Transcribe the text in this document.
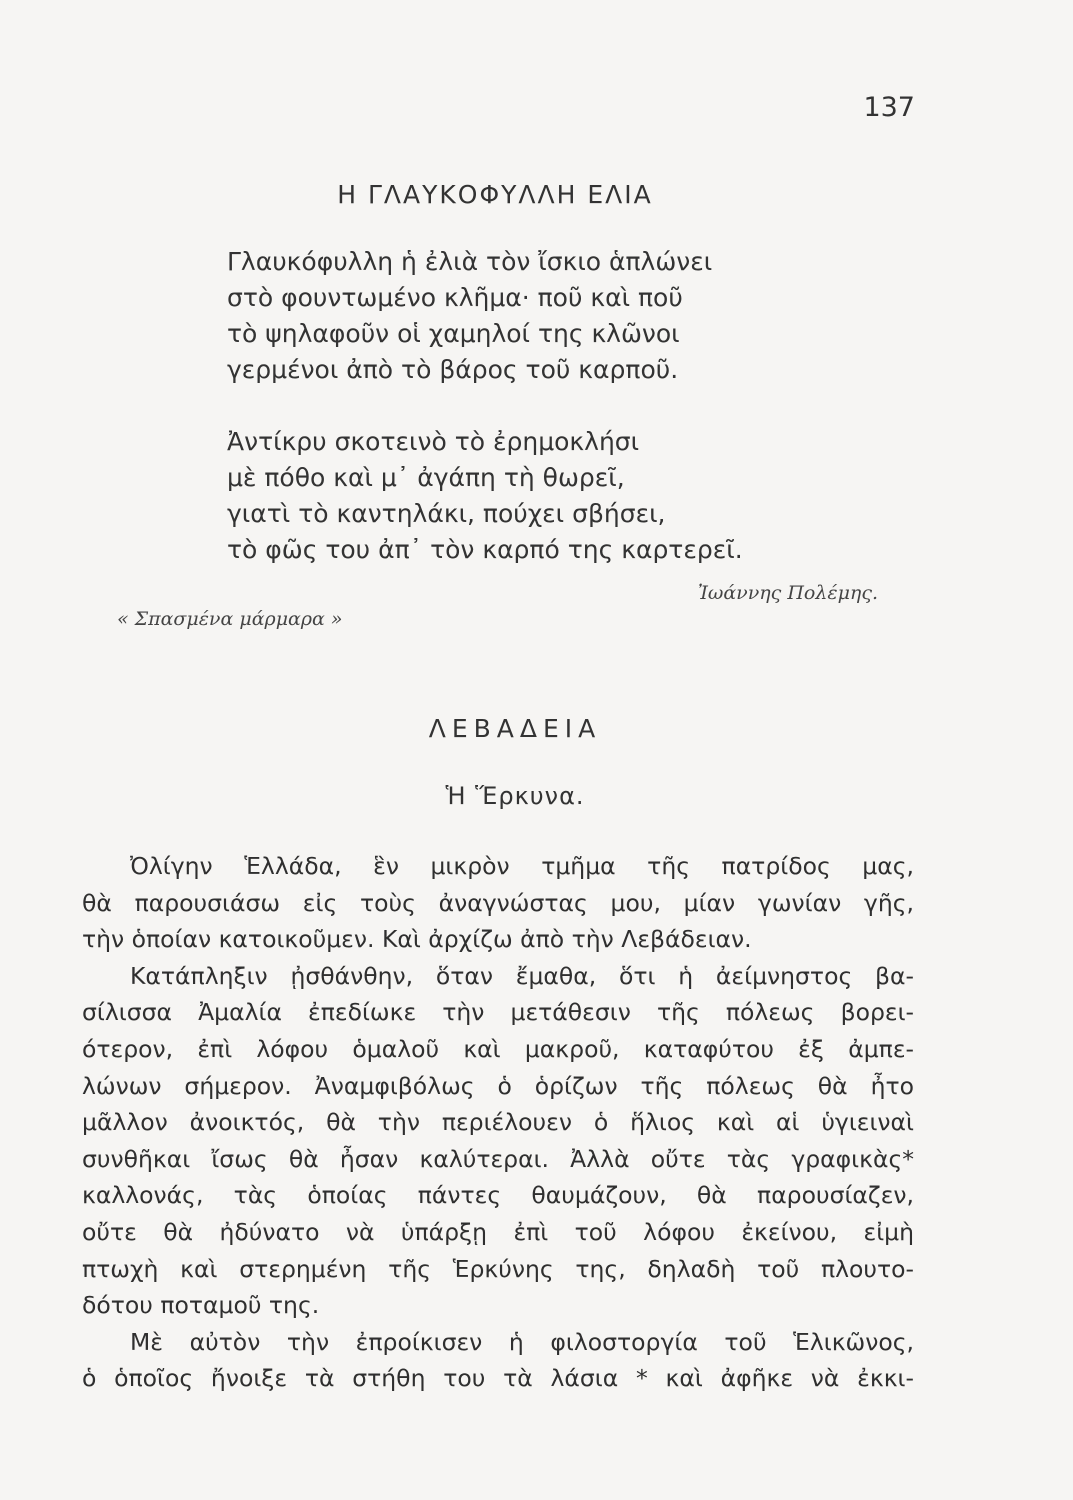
137
Η ΓΛΑΥΚΟΦΥΛΛΗ ΕΛΙΑ
Γλαυκόφυλλη ἡ ἐλιὰ τὸν ἴσκιο ἁπλώνει
στὸ φουντωμένο κλῆμα· ποῦ καὶ ποῦ
τὸ ψηλαφοῦν οἱ χαμηλοί της κλῶνοι
γερμένοι ἀπὸ τὸ βάρος τοῦ καρποῦ.
Ἀντίκρυ σκοτεινὸ τὸ ἐρημοκλήσι
μὲ πόθο καὶ μ᾿ ἀγάπη τὴ θωρεῖ,
γιατὶ τὸ καντηλάκι, πούχει σβήσει,
τὸ φῶς του ἀπ᾿ τὸν καρπό της καρτερεῖ.
Ἰωάννης Πολέμης.
« Σπασμένα μάρμαρα »
ΛΕΒΑΔΕΙΑ
Ἡ Ἕρκυνα.
Ὀλίγην Ἑλλάδα, ἓν μικρὸν τμῆμα τῆς πατρίδος μας,
θὰ παρουσιάσω εἰς τοὺς ἀναγνώστας μου, μίαν γωνίαν γῆς,
τὴν ὁποίαν κατοικοῦμεν. Καὶ ἀρχίζω ἀπὸ τὴν Λεβάδειαν.
Κατάπληξιν ᾐσθάνθην, ὅταν ἔμαθα, ὅτι ἡ ἀείμνηστος βα-
σίλισσα Ἀμαλία ἐπεδίωκε τὴν μετάθεσιν τῆς πόλεως βορει-
ότερον, ἐπὶ λόφου ὁμαλοῦ καὶ μακροῦ, καταφύτου ἐξ ἀμπε-
λώνων σήμερον. Ἀναμφιβόλως ὁ ὁρίζων τῆς πόλεως θὰ ἦτο
μᾶλλον ἀνοικτός, θὰ τὴν περιέλουεν ὁ ἥλιος καὶ αἱ ὑγιειναὶ
συνθῆκαι ἴσως θὰ ἦσαν καλύτεραι. Ἀλλὰ οὔτε τὰς γραφικὰς*
καλλονάς, τὰς ὁποίας πάντες θαυμάζουν, θὰ παρουσίαζεν,
οὔτε θὰ ἠδύνατο νὰ ὑπάρξῃ ἐπὶ τοῦ λόφου ἐκείνου, εἰμὴ
πτωχὴ καὶ στερημένη τῆς Ἑρκύνης της, δηλαδὴ τοῦ πλουτο-
δότου ποταμοῦ της.
Μὲ αὐτὸν τὴν ἐπροίκισεν ἡ φιλοστοργία τοῦ Ἑλικῶνος,
ὁ ὁποῖος ἤνοιξε τὰ στήθη του τὰ λάσια * καὶ ἀφῆκε νὰ ἐκκι-
